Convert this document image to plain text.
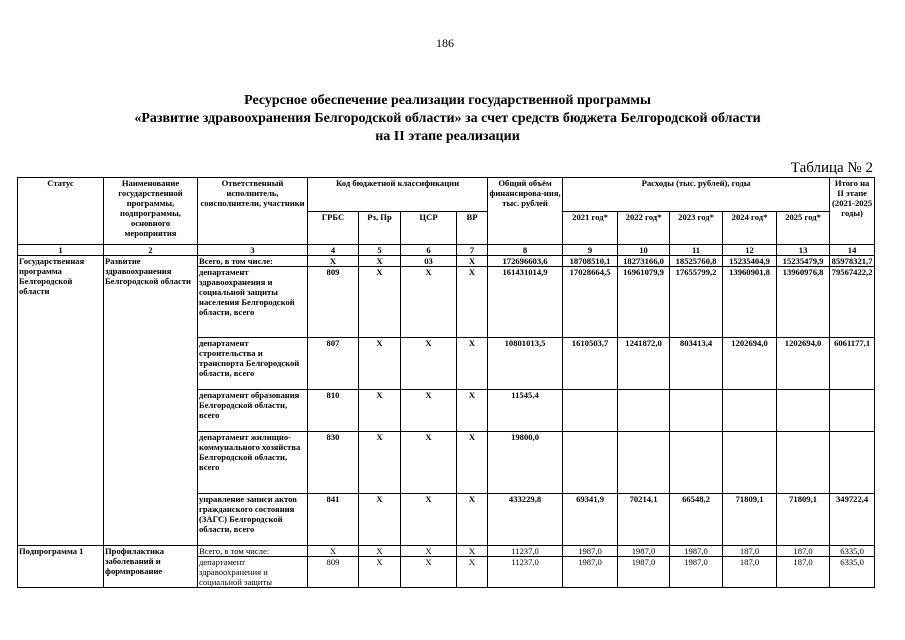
186
Ресурсное обеспечение реализации государственной программы
«Развитие здравоохранения Белгородской области» за счет средств бюджета Белгородской области
на II этапе реализации
Таблица № 2
Статус	Наименование государственной программы, подпрограммы, основного мероприятия	Ответственный исполнитель, соисполнители, участники	Код бюджетной классификации				Общий объём финансирова-ния, тыс. рублей	Расходы (тыс. рублей), годы					Итого на II этапе (2021-2025 годы)
			ГРБС	Рз, Пр	ЦСР	ВР		2021 год*	2022 год*	2023 год*	2024 год*	2025 год*	
1	2	3	4	5	6	7	8	9	10	11	12	13	14
Государственная программа Белгородской области	Развитие здравоохранения Белгородской области	Всего, в том числе:	X	X	03	X	172696603,6	18708510,1	18273166,0	18525760,8	15235404,9	15235479,9	85978321,7
		департамент здравоохранения и социальной защиты населения Белгородской области, всего	809	X	X	X	161431014,9	17028664,5	16961079,9	17655799,2	13960901,8	13960976,8	79567422,2
		департамент строительства и транспорта Белгородской области, всего	807	X	X	X	10801013,5	1610503,7	1241872,0	803413,4	1202694,0	1202694,0	6061177,1
		департамент образования Белгородской области, всего	810	X	X	X	11545,4						
		департамент жилищно-коммунального хозяйства Белгородской области, всего	830	X	X	X	19800,0						
		управление записи актов гражданского состояния (ЗАГС) Белгородской области, всего	841	X	X	X	433229,8	69341,9	70214,1	66548,2	71809,1	71809,1	349722,4
Подпрограмма 1	Профилактика заболеваний и формирование	Всего, в том числе:	X	X	X	X	11237,0	1987,0	1987,0	1987,0	187,0	187,0	6335,0
		департамент здравоохранения и социальной защиты	809	X	X	X	11237,0	1987,0	1987,0	1987,0	187,0	187,0	6335,0
